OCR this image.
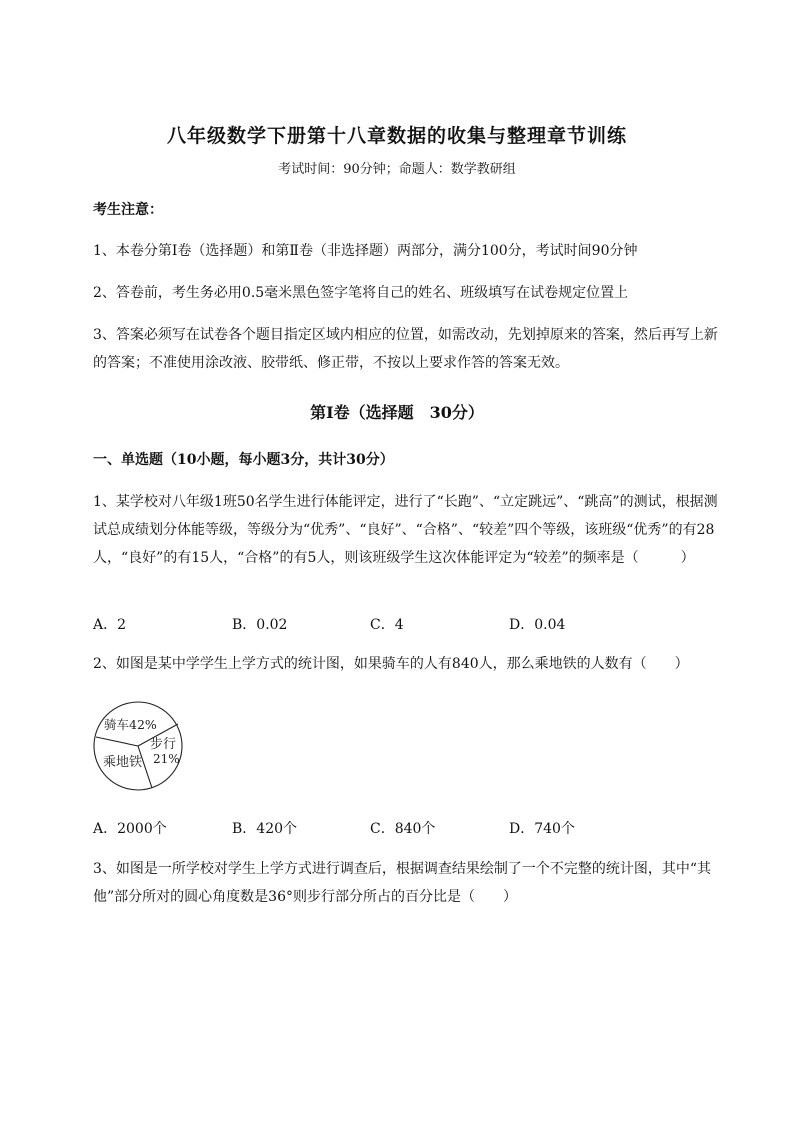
八年级数学下册第十八章数据的收集与整理章节训练
考试时间：90分钟；命题人：数学教研组
考生注意：
1、本卷分第Ⅰ卷（选择题）和第Ⅱ卷（非选择题）两部分，满分100分，考试时间90分钟
2、答卷前，考生务必用0.5毫米黑色签字笔将自己的姓名、班级填写在试卷规定位置上
3、答案必须写在试卷各个题目指定区域内相应的位置，如需改动，先划掉原来的答案，然后再写上新的答案；不准使用涂改液、胶带纸、修正带，不按以上要求作答的答案无效。
第Ⅰ卷（选择题　30分）
一、单选题（10小题，每小题3分，共计30分）
1、某学校对八年级1班50名学生进行体能评定，进行了“长跑”、“立定跳远”、“跳高”的测试，根据测试总成绩划分体能等级，等级分为“优秀”、“良好”、“合格”、“较差”四个等级，该班级“优秀”的有28人，“良好”的有15人，“合格”的有5人，则该班级学生这次体能评定为“较差”的频率是（　　　）
A．2	B．0.02	C．4	D．0.04
2、如图是某中学学生上学方式的统计图，如果骑车的人有840人，那么乘地铁的人数有（　　）
骑车42%
步行
21%
乘地铁
A．2000个	B．420个	C．840个	D．740个
3、如图是一所学校对学生上学方式进行调查后，根据调查结果绘制了一个不完整的统计图，其中“其他”部分所对的圆心角度数是36°则步行部分所占的百分比是（　　）
